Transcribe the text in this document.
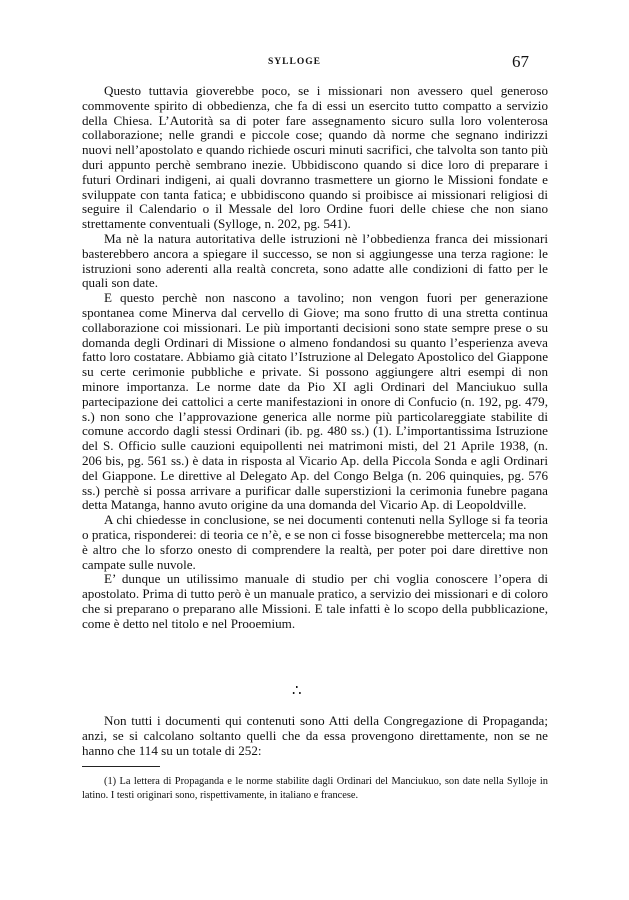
SYLLOGE	67

Questo tuttavia gioverebbe poco, se i missionari non avessero quel generoso commovente spirito di obbedienza, che fa di essi un esercito tutto compatto a servizio della Chiesa. L’Autorità sa di poter fare assegnamento sicuro sulla loro volenterosa collaborazione; nelle grandi e piccole cose; quando dà norme che segnano indirizzi nuovi nell’apostolato e quando richiede oscuri minuti sacrifici, che talvolta son tanto più duri appunto perchè sembrano inezie. Ubbidiscono quando si dice loro di preparare i futuri Ordinari indigeni, ai quali dovranno trasmettere un giorno le Missioni fondate e sviluppate con tanta fatica; e ubbidiscono quando si proibisce ai missionari religiosi di seguire il Calendario o il Messale del loro Ordine fuori delle chiese che non siano strettamente conventuali (Sylloge, n. 202, pg. 541).

Ma nè la natura autoritativa delle istruzioni nè l’obbedienza franca dei missionari basterebbero ancora a spiegare il successo, se non si aggiungesse una terza ragione: le istruzioni sono aderenti alla realtà concreta, sono adatte alle condizioni di fatto per le quali son date.

E questo perchè non nascono a tavolino; non vengon fuori per generazione spontanea come Minerva dal cervello di Giove; ma sono frutto di una stretta continua collaborazione coi missionari. Le più importanti decisioni sono state sempre prese o su domanda degli Ordinari di Missione o almeno fondandosi su quanto l’esperienza aveva fatto loro costatare. Abbiamo già citato l’Istruzione al Delegato Apostolico del Giappone su certe cerimonie pubbliche e private. Si possono aggiungere altri esempi di non minore importanza. Le norme date da Pio XI agli Ordinari del Manciukuo sulla partecipazione dei cattolici a certe manifestazioni in onore di Confucio (n. 192, pg. 479, s.) non sono che l’approvazione generica alle norme più particolareggiate stabilite di comune accordo dagli stessi Ordinari (ib. pg. 480 ss.) (1). L’importantissima Istruzione del S. Officio sulle cauzioni equipollenti nei matrimoni misti, del 21 Aprile 1938, (n. 206 bis, pg. 561 ss.) è data in risposta al Vicario Ap. della Piccola Sonda e agli Ordinari del Giappone. Le direttive al Delegato Ap. del Congo Belga (n. 206 quinquies, pg. 576 ss.) perchè si possa arrivare a purificar dalle superstizioni la cerimonia funebre pagana detta Matanga, hanno avuto origine da una domanda del Vicario Ap. di Leopoldville.

A chi chiedesse in conclusione, se nei documenti contenuti nella Sylloge si fa teoria o pratica, risponderei: di teoria ce n’è, e se non ci fosse bisognerebbe mettercela; ma non è altro che lo sforzo onesto di comprendere la realtà, per poter poi dare direttive non campate sulle nuvole.

E’ dunque un utilissimo manuale di studio per chi voglia conoscere l’opera di apostolato. Prima di tutto però è un manuale pratico, a servizio dei missionari e di coloro che si preparano o preparano alle Missioni. E tale infatti è lo scopo della pubblicazione, come è detto nel titolo e nel Prooemium.

∴

Non tutti i documenti qui contenuti sono Atti della Congregazione di Propaganda; anzi, se si calcolano soltanto quelli che da essa provengono direttamente, non se ne hanno che 114 su un totale di 252:

(1) La lettera di Propaganda e le norme stabilite dagli Ordinari del Manciukuo, son date nella Sylloje in latino. I testi originari sono, rispettivamente, in italiano e francese.
